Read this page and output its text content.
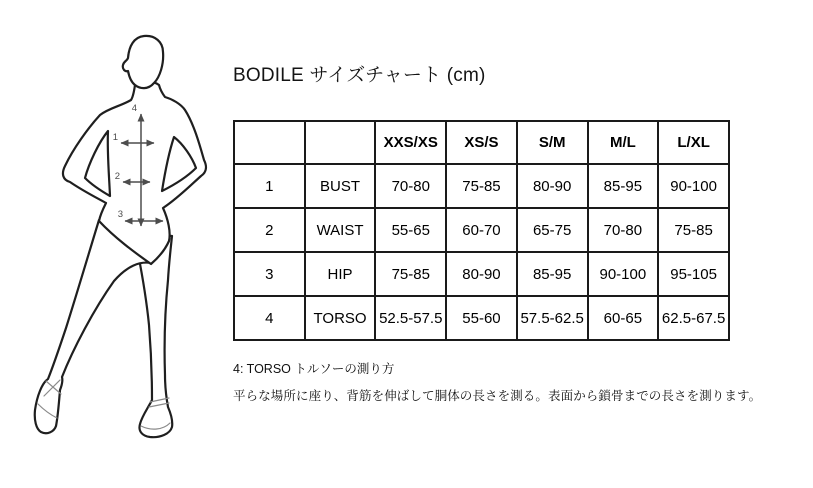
4
1
2
3
BODILE サイズチャート (cm)
		XXS/XS	XS/S	S/M	M/L	L/XL
1	BUST	70-80	75-85	80-90	85-95	90-100
2	WAIST	55-65	60-70	65-75	70-80	75-85
3	HIP	75-85	80-90	85-95	90-100	95-105
4	TORSO	52.5-57.5	55-60	57.5-62.5	60-65	62.5-67.5

4: TORSO トルソーの測り方

平らな場所に座り、背筋を伸ばして胴体の長さを測る。表面から鎖骨までの長さを測ります。
